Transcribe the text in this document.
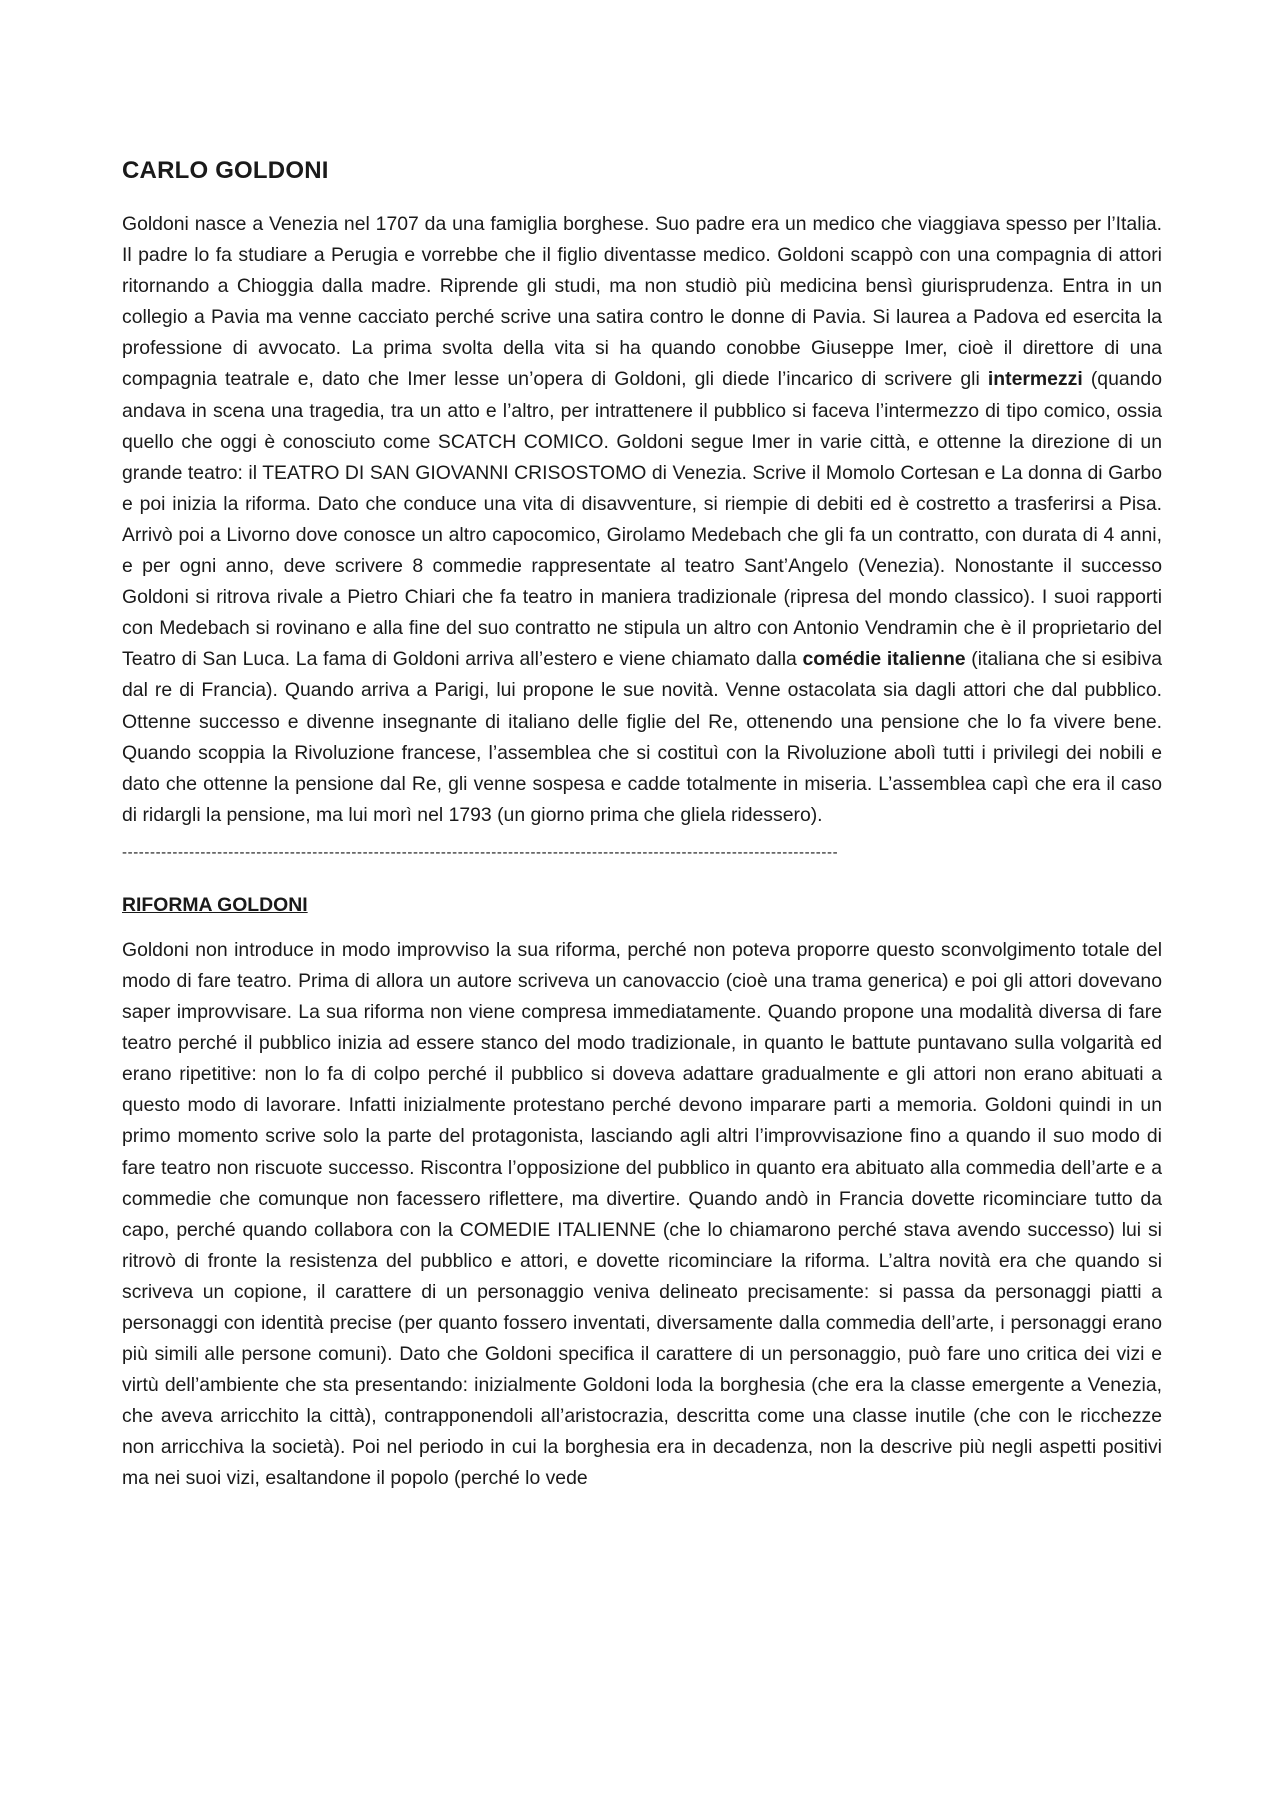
CARLO GOLDONI

Goldoni nasce a Venezia nel 1707 da una famiglia borghese. Suo padre era un medico che viaggiava spesso per l’Italia. Il padre lo fa studiare a Perugia e vorrebbe che il figlio diventasse medico. Goldoni scappò con una compagnia di attori ritornando a Chioggia dalla madre. Riprende gli studi, ma non studiò più medicina bensì giurisprudenza. Entra in un collegio a Pavia ma venne cacciato perché scrive una satira contro le donne di Pavia. Si laurea a Padova ed esercita la professione di avvocato. La prima svolta della vita si ha quando conobbe Giuseppe Imer, cioè il direttore di una compagnia teatrale e, dato che Imer lesse un’opera di Goldoni, gli diede l’incarico di scrivere gli intermezzi (quando andava in scena una tragedia, tra un atto e l’altro, per intrattenere il pubblico si faceva l’intermezzo di tipo comico, ossia quello che oggi è conosciuto come SCATCH COMICO. Goldoni segue Imer in varie città, e ottenne la direzione di un grande teatro: il TEATRO DI SAN GIOVANNI CRISOSTOMO di Venezia. Scrive il Momolo Cortesan e La donna di Garbo e poi inizia la riforma. Dato che conduce una vita di disavventure, si riempie di debiti ed è costretto a trasferirsi a Pisa. Arrivò poi a Livorno dove conosce un altro capocomico, Girolamo Medebach che gli fa un contratto, con durata di 4 anni, e per ogni anno, deve scrivere 8 commedie rappresentate al teatro Sant’Angelo (Venezia). Nonostante il successo Goldoni si ritrova rivale a Pietro Chiari che fa teatro in maniera tradizionale (ripresa del mondo classico). I suoi rapporti con Medebach si rovinano e alla fine del suo contratto ne stipula un altro con Antonio Vendramin che è il proprietario del Teatro di San Luca. La fama di Goldoni arriva all’estero e viene chiamato dalla comédie italienne (italiana che si esibiva dal re di Francia). Quando arriva a Parigi, lui propone le sue novità. Venne ostacolata sia dagli attori che dal pubblico. Ottenne successo e divenne insegnante di italiano delle figlie del Re, ottenendo una pensione che lo fa vivere bene. Quando scoppia la Rivoluzione francese, l’assemblea che si costituì con la Rivoluzione abolì tutti i privilegi dei nobili e dato che ottenne la pensione dal Re, gli venne sospesa e cadde totalmente in miseria. L’assemblea capì che era il caso di ridargli la pensione, ma lui morì nel 1793 (un giorno prima che gliela ridessero).

--------------------------------------------------------------------------------------------------------------------------------
RIFORMA GOLDONI

Goldoni non introduce in modo improvviso la sua riforma, perché non poteva proporre questo sconvolgimento totale del modo di fare teatro. Prima di allora un autore scriveva un canovaccio (cioè una trama generica) e poi gli attori dovevano saper improvvisare. La sua riforma non viene compresa immediatamente. Quando propone una modalità diversa di fare teatro perché il pubblico inizia ad essere stanco del modo tradizionale, in quanto le battute puntavano sulla volgarità ed erano ripetitive: non lo fa di colpo perché il pubblico si doveva adattare gradualmente e gli attori non erano abituati a questo modo di lavorare. Infatti inizialmente protestano perché devono imparare parti a memoria. Goldoni quindi in un primo momento scrive solo la parte del protagonista, lasciando agli altri l’improvvisazione fino a quando il suo modo di fare teatro non riscuote successo. Riscontra l’opposizione del pubblico in quanto era abituato alla commedia dell’arte e a commedie che comunque non facessero riflettere, ma divertire. Quando andò in Francia dovette ricominciare tutto da capo, perché quando collabora con la COMEDIE ITALIENNE (che lo chiamarono perché stava avendo successo) lui si ritrovò di fronte la resistenza del pubblico e attori, e dovette ricominciare la riforma. L’altra novità era che quando si scriveva un copione, il carattere di un personaggio veniva delineato precisamente: si passa da personaggi piatti a personaggi con identità precise (per quanto fossero inventati, diversamente dalla commedia dell’arte, i personaggi erano più simili alle persone comuni). Dato che Goldoni specifica il carattere di un personaggio, può fare uno critica dei vizi e virtù dell’ambiente che sta presentando: inizialmente Goldoni loda la borghesia (che era la classe emergente a Venezia, che aveva arricchito la città), contrapponendoli all’aristocrazia, descritta come una classe inutile (che con le ricchezze non arricchiva la società). Poi nel periodo in cui la borghesia era in decadenza, non la descrive più negli aspetti positivi ma nei suoi vizi, esaltandone il popolo (perché lo vede
